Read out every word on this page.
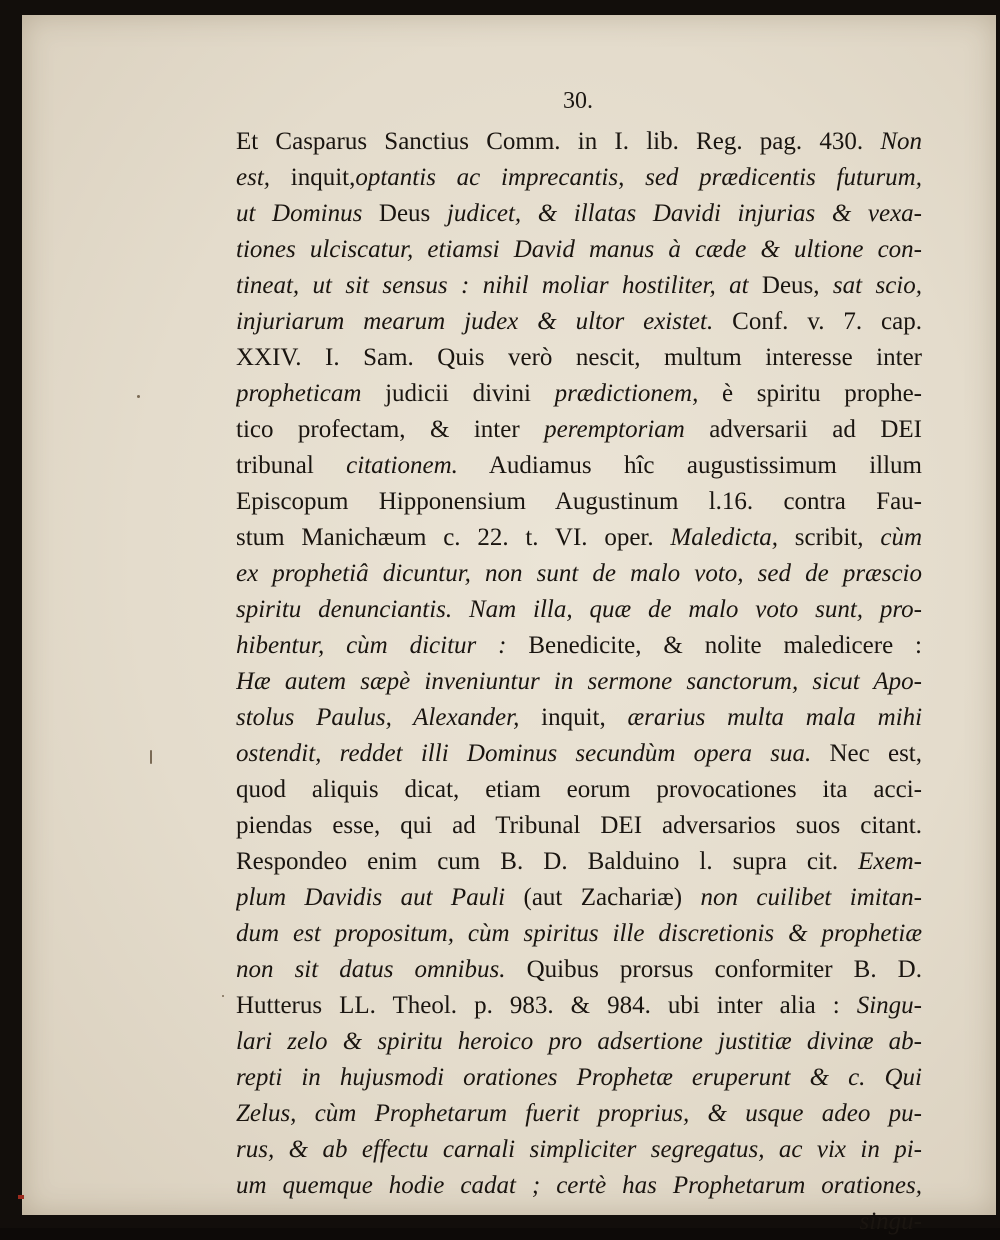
30.
Et Casparus Sanctius Comm. in I. lib. Reg. pag. 430. Non
est, inquit,optantis ac imprecantis, sed prædicentis futurum,
ut Dominus Deus judicet, & illatas Davidi injurias & vexa-
tiones ulciscatur, etiamsi David manus à cæde & ultione con-
tineat, ut sit sensus : nihil moliar hostiliter, at Deus, sat scio,
injuriarum mearum judex & ultor existet. Conf. v. 7. cap.
XXIV. I. Sam. Quis verò nescit, multum interesse inter
propheticam judicii divini prædictionem, è spiritu prophe-
tico profectam, & inter peremptoriam adversarii ad DEI
tribunal citationem. Audiamus hîc augustissimum illum
Episcopum Hipponensium Augustinum l.16. contra Fau-
stum Manichæum c. 22. t. VI. oper. Maledicta, scribit, cùm
ex prophetiâ dicuntur, non sunt de malo voto, sed de præscio
spiritu denunciantis. Nam illa, quæ de malo voto sunt, pro-
hibentur, cùm dicitur : Benedicite, & nolite maledicere :
Hæ autem sæpè inveniuntur in sermone sanctorum, sicut Apo-
stolus Paulus, Alexander, inquit, ærarius multa mala mihi
ostendit, reddet illi Dominus secundùm opera sua. Nec est,
quod aliquis dicat, etiam eorum provocationes ita acci-
piendas esse, qui ad Tribunal DEI adversarios suos citant.
Respondeo enim cum B. D. Balduino l. supra cit. Exem-
plum Davidis aut Pauli (aut Zachariæ) non cuilibet imitan-
dum est propositum, cùm spiritus ille discretionis & prophetiæ
non sit datus omnibus. Quibus prorsus conformiter B. D.
Hutterus LL. Theol. p. 983. & 984. ubi inter alia : Singu-
lari zelo & spiritu heroico pro adsertione justitiæ divinæ ab-
repti in hujusmodi orationes Prophetæ eruperunt & c. Qui
Zelus, cùm Prophetarum fuerit proprius, & usque adeo pu-
rus, & ab effectu carnali simpliciter segregatus, ac vix in pi-
um quemque hodie cadat ; certè has Prophetarum orationes,
singu-
